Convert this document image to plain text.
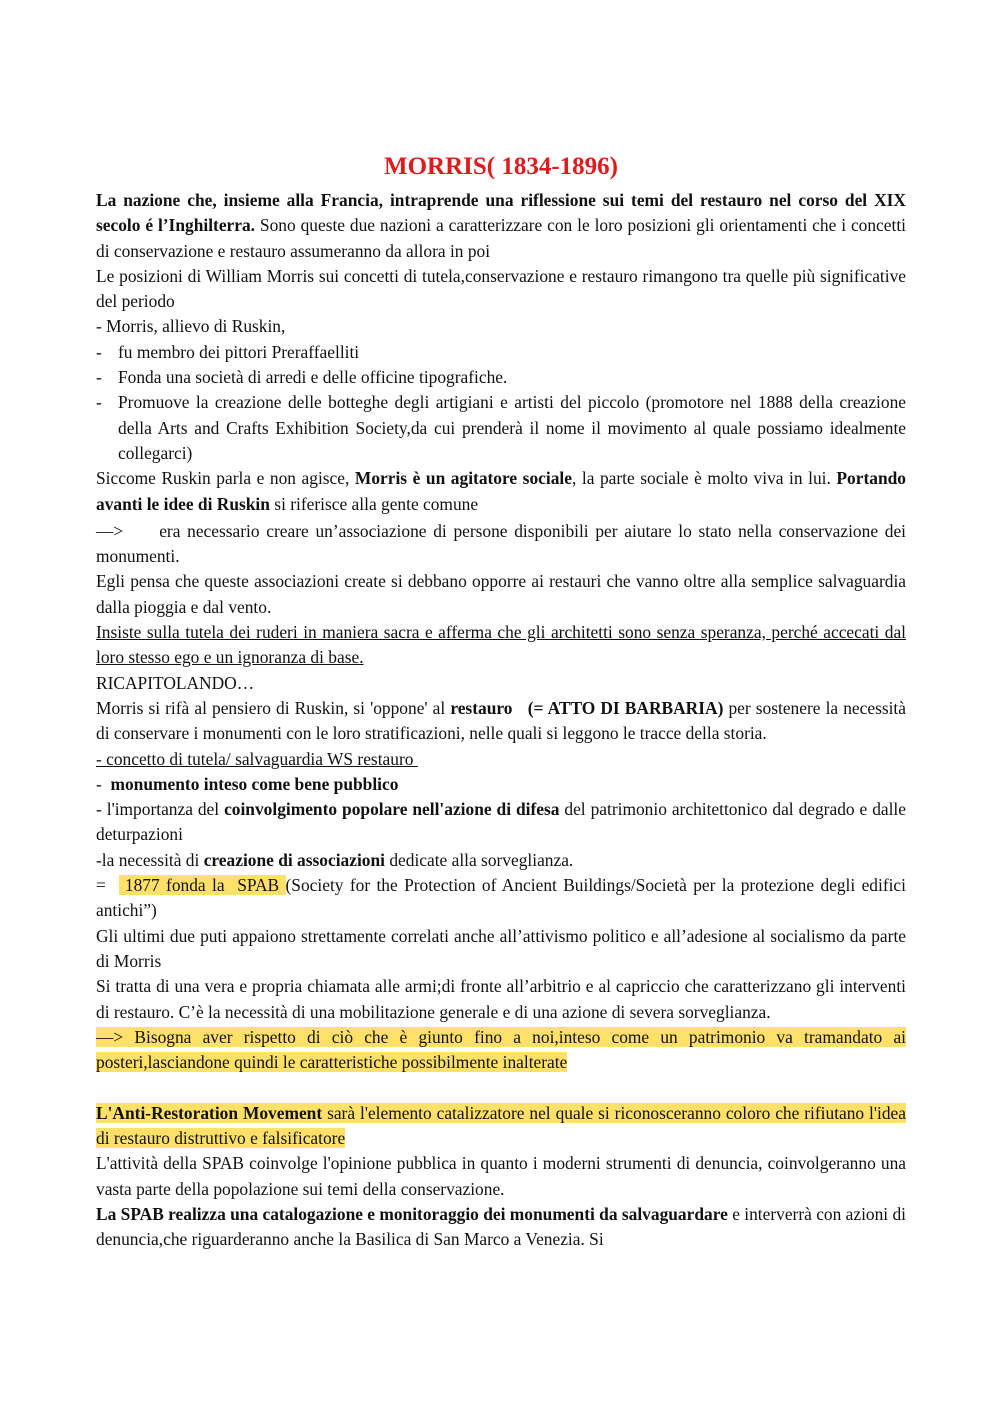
MORRIS( 1834-1896)

La nazione che, insieme alla Francia, intraprende una riflessione sui temi del restauro nel corso del XIX secolo é l’Inghilterra. Sono queste due nazioni a caratterizzare con le loro posizioni gli orientamenti che i concetti di conservazione e restauro assumeranno da allora in poi

Le posizioni di William Morris sui concetti di tutela,conservazione e restauro rimangono tra quelle più significative del periodo

- Morris, allievo di Ruskin,

- fu membro dei pittori Preraffaelliti
- Fonda una società di arredi e delle officine tipografiche.
- Promuove la creazione delle botteghe degli artigiani e artisti del piccolo (promotore nel 1888 della creazione della Arts and Crafts Exhibition Society,da cui prenderà il nome il movimento al quale possiamo idealmente collegarci)

Siccome Ruskin parla e non agisce, Morris è un agitatore sociale, la parte sociale è molto viva in lui. Portando avanti le idee di Ruskin si riferisce alla gente comune

—> era necessario creare un’associazione di persone disponibili per aiutare lo stato nella conservazione dei monumenti.

Egli pensa che queste associazioni create si debbano opporre ai restauri che vanno oltre alla semplice salvaguardia dalla pioggia e dal vento.

Insiste sulla tutela dei ruderi in maniera sacra e afferma che gli architetti sono senza speranza, perché accecati dal loro stesso ego e un ignoranza di base.

RICAPITOLANDO…

Morris si rifà al pensiero di Ruskin, si 'oppone' al restauro   (= ATTO DI BARBARIA) per sostenere la necessità di conservare i monumenti con le loro stratificazioni, nelle quali si leggono le tracce della storia.

- concetto di tutela/ salvaguardia WS restauro

-  monumento inteso come bene pubblico

- l'importanza del coinvolgimento popolare nell'azione di difesa del patrimonio architettonico dal degrado e dalle deturpazioni

-la necessità di creazione di associazioni dedicate alla sorveglianza.

=   1877 fonda la  SPAB (Society for the Protection of Ancient Buildings/Società per la protezione degli edifici antichi”)

Gli ultimi due puti appaiono strettamente correlati anche all’attivismo politico e all’adesione al socialismo da parte di Morris

Si tratta di una vera e propria chiamata alle armi;di fronte all’arbitrio e al capriccio che caratterizzano gli interventi di restauro. C’è la necessità di una mobilitazione generale e di una azione di severa sorveglianza.

—> Bisogna aver rispetto di ciò che è giunto fino a noi,inteso come un patrimonio va tramandato ai posteri,lasciandone quindi le caratteristiche possibilmente inalterate

L'Anti-Restoration Movement sarà l'elemento catalizzatore nel quale si riconosceranno coloro che rifiutano l'idea di restauro distruttivo e falsificatore

L'attività della SPAB coinvolge l'opinione pubblica in quanto i moderni strumenti di denuncia, coinvolgeranno una vasta parte della popolazione sui temi della conservazione.

La SPAB realizza una catalogazione e monitoraggio dei monumenti da salvaguardare e interverrà con azioni di denuncia,che riguarderanno anche la Basilica di San Marco a Venezia. Si
